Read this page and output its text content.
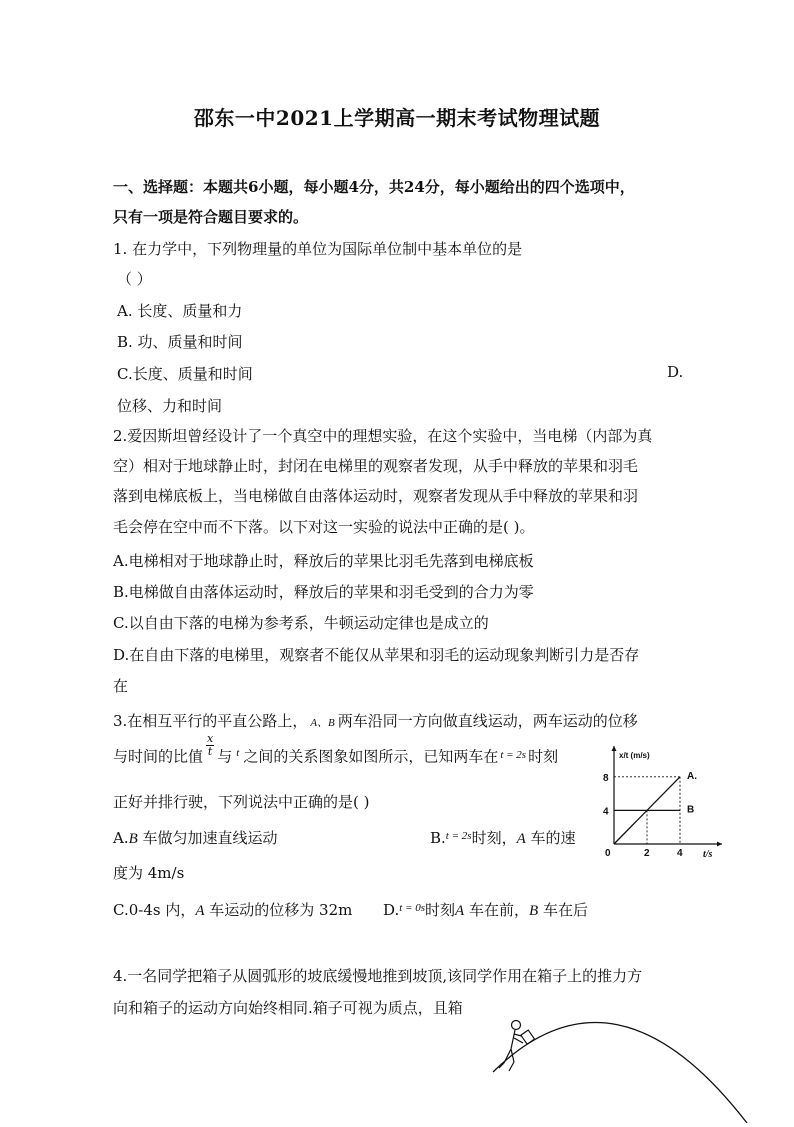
邵东一中2021上学期高一期末考试物理试题
一、选择题：本题共6小题，每小题4分，共24分，每小题给出的四个选项中，
只有一项是符合题目要求的。
1. 在力学中，下列物理量的单位为国际单位制中基本单位的是
（ ）
A. 长度、质量和力
B. 功、质量和时间
C.长度、质量和时间	D.
位移、力和时间
2.爱因斯坦曾经设计了一个真空中的理想实验，在这个实验中，当电梯（内部为真
空）相对于地球静止时，封闭在电梯里的观察者发现，从手中释放的苹果和羽毛
落到电梯底板上，当电梯做自由落体运动时，观察者发现从手中释放的苹果和羽
毛会停在空中而不下落。以下对这一实验的说法中正确的是( )。
A.电梯相对于地球静止时，释放后的苹果比羽毛先落到电梯底板
B.电梯做自由落体运动时，释放后的苹果和羽毛受到的合力为零
C.以自由下落的电梯为参考系，牛顿运动定律也是成立的
D.在自由下落的电梯里，观察者不能仅从苹果和羽毛的运动现象判断引力是否存
在
3.在相互平行的平直公路上， A、B 两车沿同一方向做直线运动，两车运动的位移
与时间的比值 $\frac{x}{t}$ 与 $^t$ 之间的关系图象如图所示，已知两车在 $^{t = 2s}$ 时刻
正好并排行驶，下列说法中正确的是( )
A.B 车做匀加速直线运动	B.$^{t = 2s}$时刻，A 车的速
度为 4m/s
C.0-4s 内，A 车运动的位移为 32m D.$^{t = 0s}$时刻A 车在前，B 车在后
x/t (m/s)
t/s
0	2	4
4
8	A.
B
4.一名同学把箱子从圆弧形的坡底缓慢地推到坡顶,该同学作用在箱子上的推力方
向和箱子的运动方向始终相同.箱子可视为质点，且箱
